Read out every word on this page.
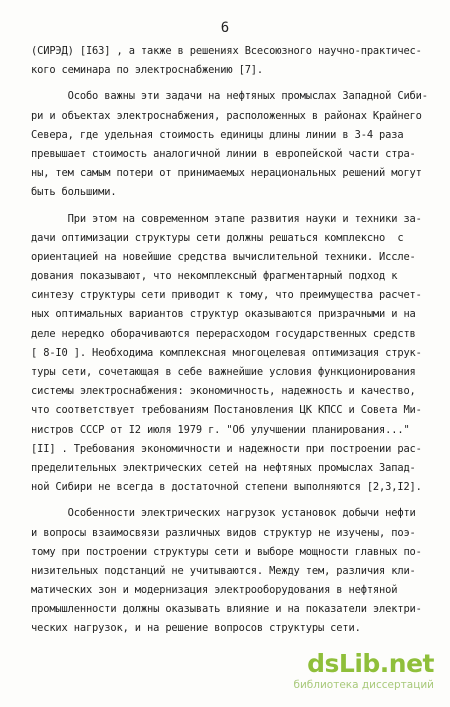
6
(СИРЭД) [I63] , а также в решениях Всесоюзного научно-практичес-
кого семинара по электроснабжению [7].
Особо важны эти задачи на нефтяных промыслах Западной Сиби-
ри и объектах электроснабжения, расположенных в районах Крайнего
Севера, где удельная стоимость единицы длины линии в 3-4 раза
превышает стоимость аналогичной линии в европейской части стра-
ны, тем самым потери от принимаемых нерациональных решений могут
быть большими.
При этом на современном этапе развития науки и техники за-
дачи оптимизации структуры сети должны решаться комплексно  с
ориентацией на новейшие средства вычислительной техники. Иссле-
дования показывают, что некомплексный фрагментарный подход к
синтезу структуры сети приводит к тому, что преимущества расчет-
ных оптимальных вариантов структур оказываются призрачными и на
деле нередко оборачиваются перерасходом государственных средств
[ 8-I0 ]. Необходима комплексная многоцелевая оптимизация струк-
туры сети, сочетающая в себе важнейшие условия функционирования
системы электроснабжения: экономичность, надежность и качество,
что соответствует требованиям Постановления ЦК КПСС и Совета Ми-
нистров СССР от I2 июля 1979 г. "Об улучшении планирования..."
[II] . Требования экономичности и надежности при построении рас-
пределительных электрических сетей на нефтяных промыслах Запад-
ной Сибири не всегда в достаточной степени выполняются [2,3,I2].
Особенности электрических нагрузок установок добычи нефти
и вопросы взаимосвязи различных видов структур не изучены, поэ-
тому при построении структуры сети и выборе мощности главных по-
низительных подстанций не учитываются. Между тем, различия кли-
матических зон и модернизация электрооборудования в нефтяной
промышленности должны оказывать влияние и на показатели электри-
ческих нагрузок, и на решение вопросов структуры сети.
dsLib.net
библиотека диссертаций
